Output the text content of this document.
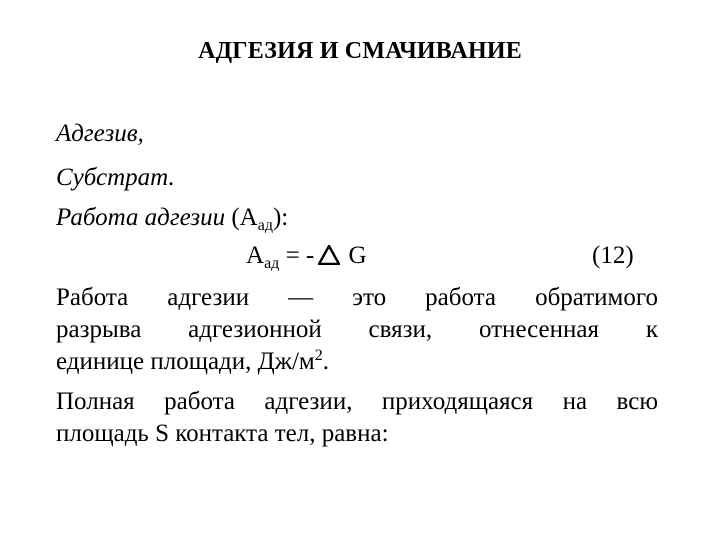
АДГЕЗИЯ И СМАЧИВАНИЕ
Адгезив,
Субстрат.
Работа адгезии $(А_{ад})$:
$А_{ад}$ = - G	(12)
Работа адгезии — это работа обратимого
разрыва адгезионной связи, отнесенная к
единице площади, $Дж/м^2$.
Полная работа адгезии, приходящаяся на всю
площадь S контакта тел, равна:
